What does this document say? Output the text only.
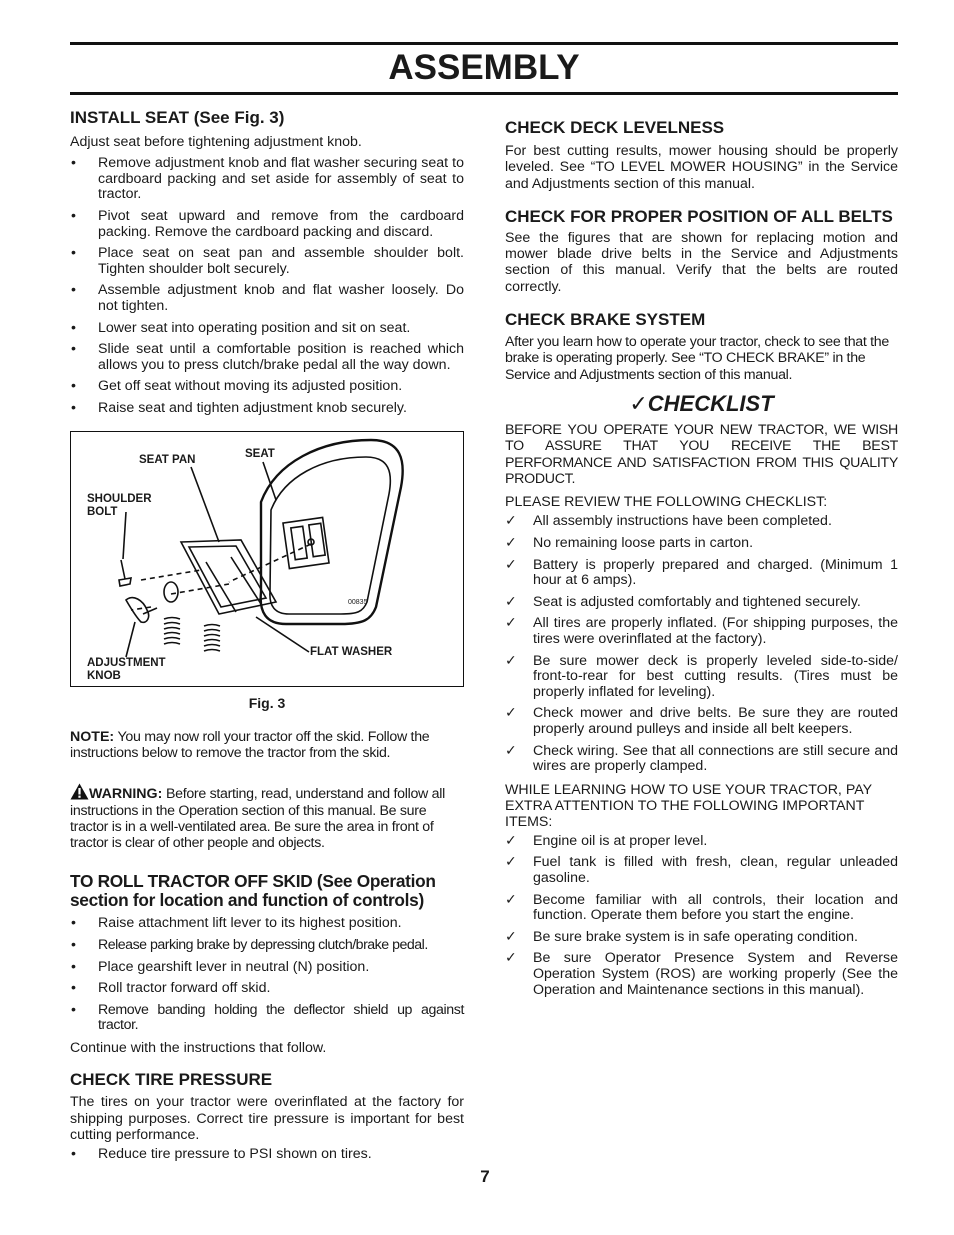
ASSEMBLY
INSTALL SEAT (See Fig. 3)

Adjust seat before tightening adjustment knob.

• Remove adjustment knob and flat washer securing seat to cardboard packing and set aside for assembly of seat to tractor.
• Pivot seat upward and remove from the cardboard packing. Remove the cardboard packing and discard.
• Place seat on seat pan and assemble shoulder bolt. Tighten shoulder bolt securely.
• Assemble adjustment knob and flat washer loosely. Do not tighten.
• Lower seat into operating position and sit on seat.
• Slide seat until a comfortable position is reached which allows you to press clutch/brake pedal all the way down.
• Get off seat without moving its adjusted position.
• Raise seat and tighten adjustment knob securely.
SEAT PAN	SEAT
SHOULDER
BOLT
ADJUSTMENT
KNOB
FLAT WASHER
00835
Fig. 3

NOTE: You may now roll your tractor off the skid. Follow the instructions below to remove the tractor from the skid.

WARNING: Before starting, read, understand and follow all instructions in the Operation section of this manual. Be sure tractor is in a well-ventilated area. Be sure the area in front of tractor is clear of other people and objects.

TO ROLL TRACTOR OFF SKID (See Operation section for location and function of controls)
• Raise attachment lift lever to its highest position.
• Release parking brake by depressing clutch/brake pedal.
• Place gearshift lever in neutral (N) position.
• Roll tractor forward off skid.
• Remove banding holding the deflector shield up against tractor.

Continue with the instructions that follow.

CHECK TIRE PRESSURE

The tires on your tractor were overinflated at the factory for shipping purposes. Correct tire pressure is important for best cutting performance.

• Reduce tire pressure to PSI shown on tires.
CHECK DECK LEVELNESS

For best cutting results, mower housing should be properly leveled. See “TO LEVEL MOWER HOUSING” in the Service and Adjustments section of this manual.

CHECK FOR PROPER POSITION OF ALL BELTS

See the figures that are shown for replacing motion and mower blade drive belts in the Service and Adjustments section of this manual. Verify that the belts are routed correctly.

CHECK BRAKE SYSTEM

After you learn how to operate your tractor, check to see that the brake is operating properly. See “TO CHECK BRAKE” in the Service and Adjustments section of this manual.

✓CHECKLIST

BEFORE YOU OPERATE YOUR NEW TRACTOR, WE WISH TO ASSURE THAT YOU RECEIVE THE BEST PERFORMANCE AND SATISFACTION FROM THIS QUALITY PRODUCT.

PLEASE REVIEW THE FOLLOWING CHECKLIST:

✓ All assembly instructions have been completed.
✓ No remaining loose parts in carton.
✓ Battery is properly prepared and charged. (Minimum 1 hour at 6 amps).
✓ Seat is adjusted comfortably and tightened securely.
✓ All tires are properly inflated. (For shipping purposes, the tires were overinflated at the factory).
✓ Be sure mower deck is properly leveled side-to-side/ front-to-rear for best cutting results. (Tires must be properly inflated for leveling).
✓ Check mower and drive belts. Be sure they are routed properly around pulleys and inside all belt keepers.
✓ Check wiring. See that all connections are still secure and wires are properly clamped.

WHILE LEARNING HOW TO USE YOUR TRACTOR, PAY EXTRA ATTENTION TO THE FOLLOWING IMPORTANT ITEMS:

✓ Engine oil is at proper level.
✓ Fuel tank is filled with fresh, clean, regular unleaded gasoline.
✓ Become familiar with all controls, their location and function. Operate them before you start the engine.
✓ Be sure brake system is in safe operating condition.
✓ Be sure Operator Presence System and Reverse Operation System (ROS) are working properly (See the Operation and Maintenance sections in this manual).
7
